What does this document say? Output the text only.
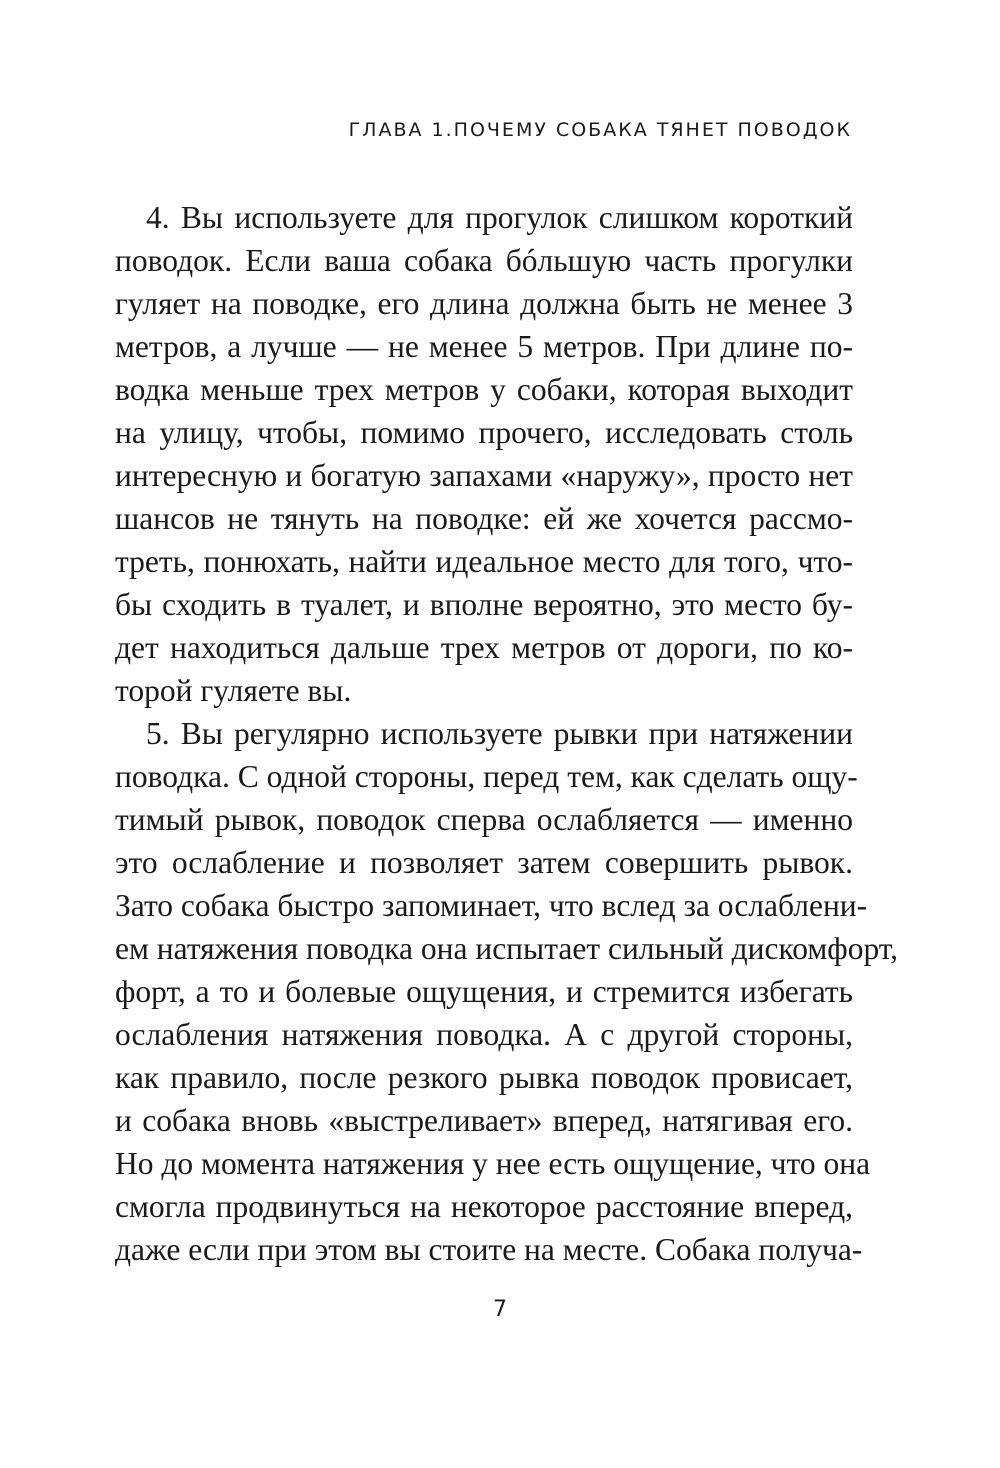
ГЛАВА 1.ПОЧЕМУ СОБАКА ТЯНЕТ ПОВОДОК
4. Вы используете для прогулок слишком короткий
поводок. Если ваша собака бóльшую часть прогулки
гуляет на поводке, его длина должна быть не менее 3
метров, а лучше — не менее 5 метров. При длине по-
водка меньше трех метров у собаки, которая выходит
на улицу, чтобы, помимо прочего, исследовать столь
интересную и богатую запахами «наружу», просто нет
шансов не тянуть на поводке: ей же хочется рассмо-
треть, понюхать, найти идеальное место для того, что-
бы сходить в туалет, и вполне вероятно, это место бу-
дет находиться дальше трех метров от дороги, по ко-
торой гуляете вы.
5. Вы регулярно используете рывки при натяжении
поводка. С одной стороны, перед тем, как сделать ощу-
тимый рывок, поводок сперва ослабляется — именно
это ослабление и позволяет затем совершить рывок.
Зато собака быстро запоминает, что вслед за ослаблени-
ем натяжения поводка она испытает сильный дискомфорт,
форт, а то и болевые ощущения, и стремится избегать
ослабления натяжения поводка. А с другой стороны,
как правило, после резкого рывка поводок провисает,
и собака вновь «выстреливает» вперед, натягивая его.
Но до момента натяжения у нее есть ощущение, что она
смогла продвинуться на некоторое расстояние вперед,
даже если при этом вы стоите на месте. Собака получа-
7
